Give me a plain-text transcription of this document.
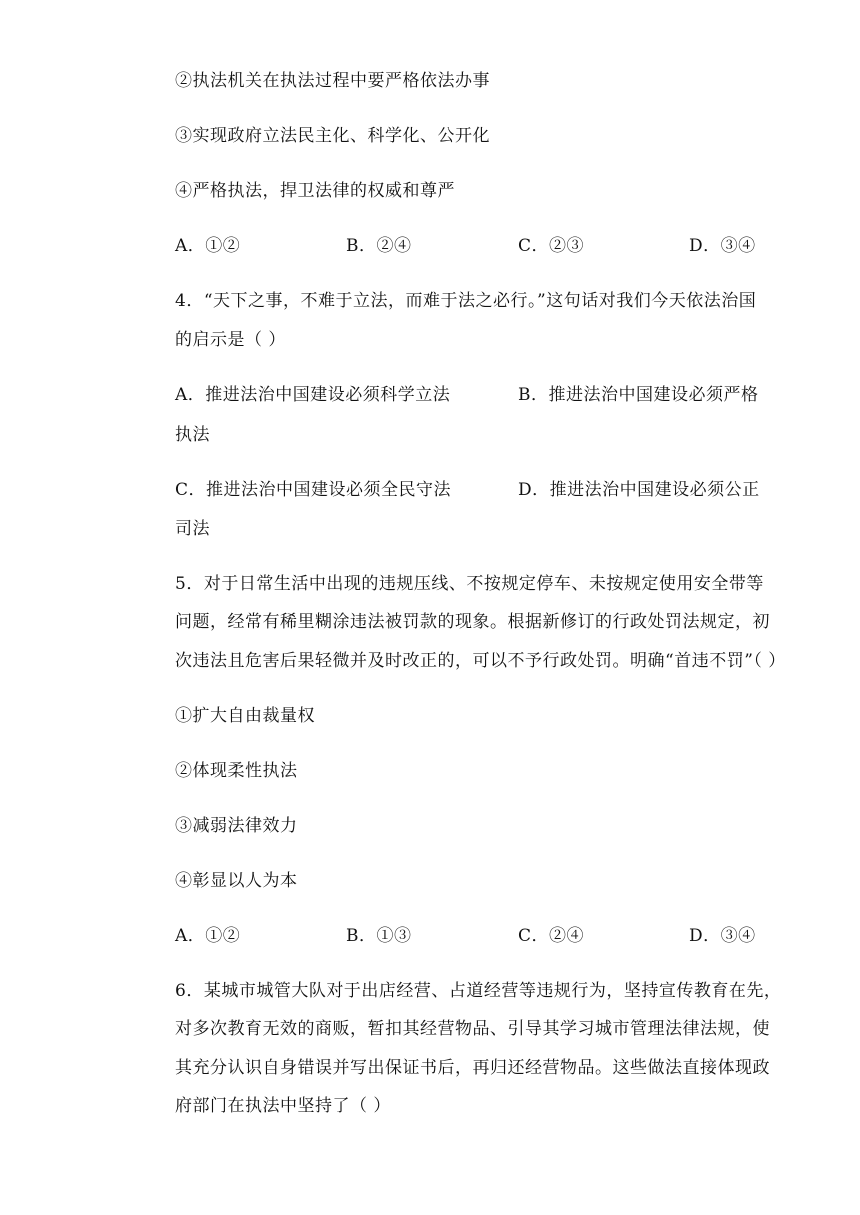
②执法机关在执法过程中要严格依法办事
③实现政府立法民主化、科学化、公开化
④严格执法，捍卫法律的权威和尊严
A．①②	B．②④	C．②③	D．③④
4．“天下之事，不难于立法，而难于法之必行。”这句话对我们今天依法治国
的启示是（ ）
A．推进法治中国建设必须科学立法	B．推进法治中国建设必须严格
执法
C．推进法治中国建设必须全民守法	D．推进法治中国建设必须公正
司法
5．对于日常生活中出现的违规压线、不按规定停车、未按规定使用安全带等
问题，经常有稀里糊涂违法被罚款的现象。根据新修订的行政处罚法规定，初
次违法且危害后果轻微并及时改正的，可以不予行政处罚。明确“首违不罚”（ ）
①扩大自由裁量权
②体现柔性执法
③减弱法律效力
④彰显以人为本
A．①②	B．①③	C．②④	D．③④
6．某城市城管大队对于出店经营、占道经营等违规行为，坚持宣传教育在先，
对多次教育无效的商贩，暂扣其经营物品、引导其学习城市管理法律法规，使
其充分认识自身错误并写出保证书后，再归还经营物品。这些做法直接体现政
府部门在执法中坚持了（ ）
